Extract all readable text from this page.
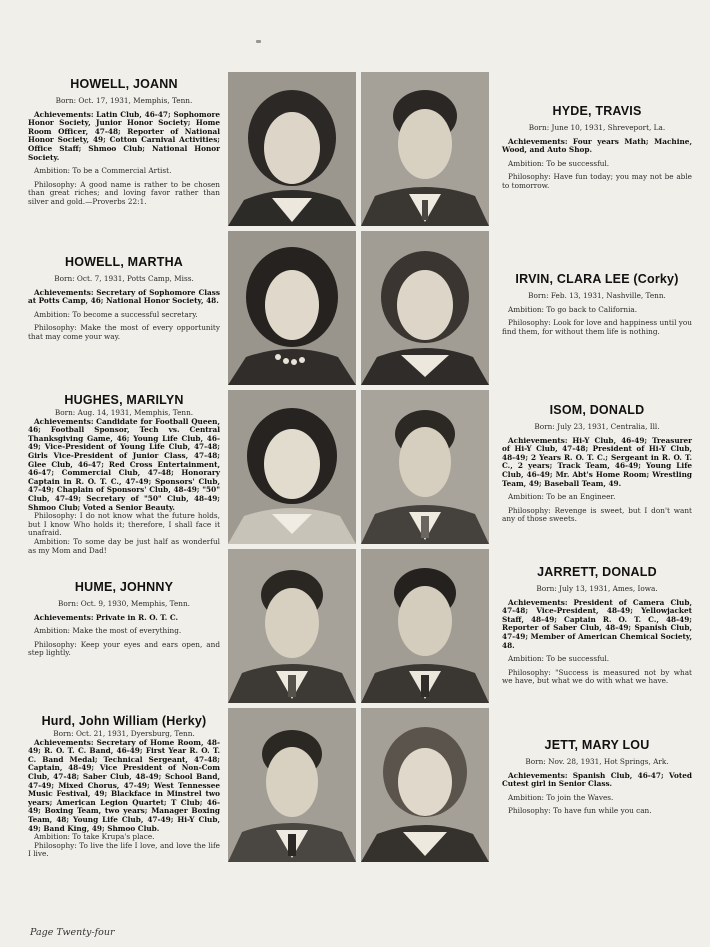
HOWELL, JOANN

Born: Oct. 17, 1931, Memphis, Tenn.

Achievements: Latin Club, 46-47; Sophomore Honor Society, Junior Honor Society; Home Room Officer, 47-48; Reporter of National Honor Society, 49; Cotton Carnival Activities; Office Staff; Shmoo Club; National Honor Society.

Ambition: To be a Commercial Artist.

Philosophy: A good name is rather to be chosen than great riches; and loving favor rather than silver and gold.—Proverbs 22:1.

HOWELL, MARTHA

Born: Oct. 7, 1931, Potts Camp, Miss.

Achievements: Secretary of Sophomore Class at Potts Camp, 46; National Honor Society, 48.

Ambition: To become a successful secretary.

Philosophy: Make the most of every opportunity that may come your way.

HUGHES, MARILYN

Born: Aug. 14, 1931, Memphis, Tenn.

Achievements: Candidate for Football Queen, 46; Football Sponsor, Tech vs. Central Thanksgiving Game, 46; Young Life Club, 46-49; Vice-President of Young Life Club, 47-48; Girls Vice-President of Junior Class, 47-48; Glee Club, 46-47; Red Cross Entertainment, 46-47; Commercial Club, 47-48; Honorary Captain in R. O. T. C., 47-49; Sponsors' Club, 47-49; Chaplain of Sponsors' Club, 48-49; "50" Club, 47-49; Secretary of "50" Club, 48-49; Shmoo Club; Voted a Senior Beauty.

Philosophy: I do not know what the future holds, but I know Who holds it; therefore, I shall face it unafraid.

Ambition: To some day be just half as wonderful as my Mom and Dad!

HUME, JOHNNY

Born: Oct. 9, 1930, Memphis, Tenn.

Achievements: Private in R. O. T. C.

Ambition: Make the most of everything.

Philosophy: Keep your eyes and ears open, and step lightly.

Hurd, John William (Herky)

Born: Oct. 21, 1931, Dyersburg, Tenn.

Achievements: Secretary of Home Room, 48-49; R. O. T. C. Band, 46-49; First Year R. O. T. C. Band Medal; Technical Sergeant, 47-48; Captain, 48-49; Vice President of Non-Com Club, 47-48; Saber Club, 48-49; School Band, 47-49; Mixed Chorus, 47-49; West Tennessee Music Festival, 49; Blackface in Minstrel two years; American Legion Quartet; T Club; 46-49; Boxing Team, two years; Manager Boxing Team, 48; Young Life Club, 47-49; Hi-Y Club, 49; Band King, 49; Shmoo Club.

Ambition: To take Krupa's place.

Philosophy: To live the life I love, and love the life I live.

HYDE, TRAVIS

Born: June 10, 1931, Shreveport, La.

Achievements: Four years Math; Machine, Wood, and Auto Shop.

Ambition: To be successful.

Philosophy: Have fun today; you may not be able to tomorrow.

IRVIN, CLARA LEE (Corky)

Born: Feb. 13, 1931, Nashville, Tenn.

Ambition: To go back to California.

Philosophy: Look for love and happiness until you find them, for without them life is nothing.

ISOM, DONALD

Born: July 23, 1931, Centralia, Ill.

Achievements: Hi-Y Club, 46-49; Treasurer of Hi-Y Club, 47-48; President of Hi-Y Club, 48-49; 2 Years R. O. T. C.; Sergeant in R. O. T. C., 2 years; Track Team, 46-49; Young Life Club, 46-49; Mr. Abt's Home Room; Wrestling Team, 49; Baseball Team, 49.

Ambition: To be an Engineer.

Philosophy: Revenge is sweet, but I don't want any of those sweets.

JARRETT, DONALD

Born: July 13, 1931, Ames, Iowa.

Achievements: President of Camera Club, 47-48; Vice-President, 48-49; Yellowjacket Staff, 48-49; Captain R. O. T. C., 48-49; Reporter of Saber Club, 48-49; Spanish Club, 47-49; Member of American Chemical Society, 48.

Ambition: To be successful.

Philosophy: "Success is measured not by what we have, but what we do with what we have.

JETT, MARY LOU

Born: Nov. 28, 1931, Hot Springs, Ark.

Achievements: Spanish Club, 46-47; Voted Cutest girl in Senior Class.

Ambition: To join the Waves.

Philosophy: To have fun while you can.

Page Twenty-four
